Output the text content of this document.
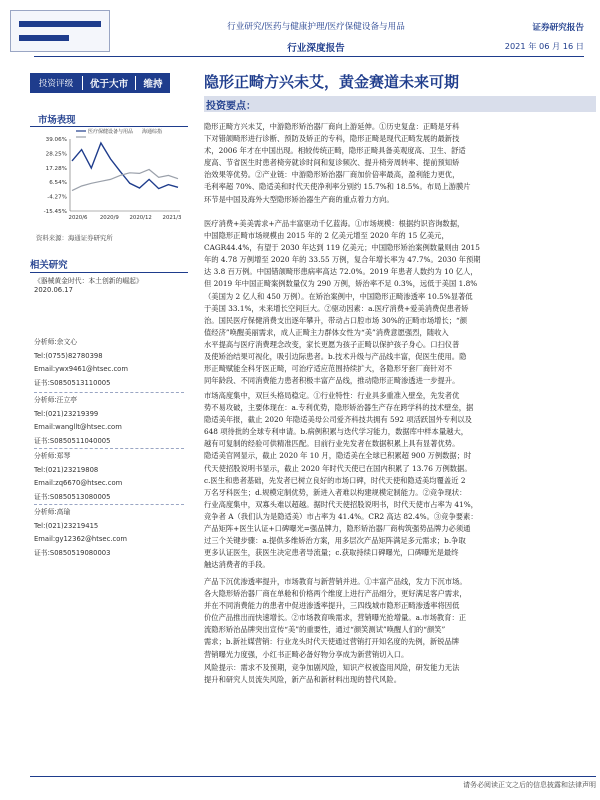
行业研究/医药与健康护理/医疗保健设备与用品
行业深度报告
证券研究报告
2021 年 06 月 16 日
投资评级	优于大市	维持	隐形正畸方兴未艾，黄金赛道未来可期
投资要点：
市场表现
39.06%
28.25%
17.28%
6.54%
-4.27%
-15.45%
2020/6 2020/9 2020/12 2021/3
医疗保健设备与用品 海通综指
资料来源：海通证券研究所
相关研究
《器械黄金时代：本土创新的崛起》
2020.06.17
分析师:余文心
Tel:(0755)82780398
Email:ywx9461@htsec.com
证书:S0850513110005
分析师:汪立亭
Tel:(021)23219399
Email:wangllt@htsec.com
证书:S0850511040005
分析师:郑琴
Tel:(021)23219808
Email:zq6670@htsec.com
证书:S0850513080005
分析师:高瑜
Tel:(021)23219415
Email:gy12362@htsec.com
证书:S0850519080003

隐形正畸方兴未艾，中游隐形矫治器厂商向上游延伸。①历史复盘：正畸是牙科

下对错颌畸形进行诊断、预防及矫正的专科，隐形正畸是现代正畸发展的最新技

术，2006 年才在中国出现。相较传统正畸，隐形正畸具备美观度高、卫生、舒适

度高、节省医生时患者椅旁就诊时间和复诊频次、提升椅旁周转率、提前预知矫

治效果等优势。②产业链：中游隐形矫治器厂商加价倍率最高，盈利能力更优，

毛利率超 70%、隐适美和时代天使净利率分别约 15.7%和 18.5%。布局上游膜片

环节是中国及海外大型隐形矫治器生产商的重点着力方向。

医疗消费+美美需求+产品丰富驱动千亿蓝海。①市场规模：根据约识咨询数据，

中国隐形正畸市场规模由 2015 年的 2 亿美元增至 2020 年的 15 亿美元，

CAGR44.4%，有望于 2030 年达到 119 亿美元；中国隐形矫治案例数量则由 2015

年的 4.78 万例增至 2020 年的 33.55 万例，复合年增长率为 47.7%。2030 年预期

达 3.8 百万例。中国错颌畸形患病率高达 72.0%。2019 年患者人数约为 10 亿人，

但 2019 年中国正畸案例数量仅为 290 万例，矫治率不足 0.3%，远低于美国 1.8%

（美国为 2 亿人和 450 万例）。在矫治案例中，中国隐形正畸渗透率 10.5%显著低

于美国 33.1%，未来增长空间巨大。②驱动因素：a.医疗消费+爱美消费促患者矫

治。国民医疗保健消费支出逐年攀升，带动占口腔市场 30%的正畸市场增长；“颜

值经济”唤醒美丽需求，成人正畸主力群体女性为“美”消费意愿强烈，随收入

水平提高与医疗消费理念改变，家长更愿为孩子正畸以保护孩子身心。口扫仪普

及使矫治结果可视化，吸引边际患者。b.技术升级与产品线丰富，促医生使用。隐

形正畸赋能全科牙医正畸，可治疗适应范围持续扩大，各隐形牙套厂商针对不

同年龄段、不同消费能力患者积极丰富产品线，推动隐形正畸渗透进一步提升。

市场高度集中，双巨头格局稳定。①行业特性：行业具多重准入壁垒，先发者优

势不易攻破，主要体现在：a.专利优势，隐形矫治器生产存在跨学科的技术壁垒，据

隐适美年报，截止 2020 年隐适美母公司爱齐科技共拥有 592 项活跃国外专利以及

648 项待批的全球专利申请。b.病例积累与迭代学习能力，数据库中样本量越大，

越有可复制的经验可供精准匹配。目前行业先发者在数据积累上具有显著优势。

隐适美官网显示，截止 2020 年 10 月，隐适美在全球已积累超 900 万例数据；时

代天使招股说明书显示，截止 2020 年时代天使已在国内积累了 13.76 万例数据。

c.医生和患者基础，先发者已树立良好的市场口碑，时代天使和隐适美均覆盖近 2

万名牙科医生；d.规模定制优势，新进入者难以构建规模定制能力。②竞争现状：

行业高度集中，双寡头难以超越。据时代天使招股说明书，时代天使市占率为 41%，

竞争者 A（我们认为是隐适美）市占率为 41.4%。CR2 高达 82.4%。③竞争要素：

产品矩阵+医生认证+口碑曝光=强品牌力，隐形矫治器厂商构筑强势品牌力必须通

过三个关键步骤：a.提供多维矫治方案，用多层次产品矩阵满足多元需求；b.争取

更多认证医生，获医生决定患者导流量；c.获取持续口碑曝光，口碑曝光是最终

触达消费者的手段。

产品下沉优渗透率提升，市场教育与新营销并进。①丰富产品线，发力下沉市场。

各大隐形矫治器厂商在单舱和价格两个维度上进行产品细分，更好满足客户需求，

并在不同消费能力的患者中促进渗透率提升，三四线城市隐形正畸渗透率将因低

价位产品推出而快速增长。②市场教育唤需求，营销曝光抢增量。a.市场教育：正

流隐形矫治品牌突出宣传“美”的重要性，通过“颜笑测试”唤醒人们的“颜笑”

需求；b.新社媒营销：行业龙头时代天使通过营销打开知名度的先例，新锐品牌

营销曝光力度强，小红书正畸必备好物分享成为新营销切入口。

风险提示：需求不及预期，竞争加剧风险，知识产权被盗用风险，研发能力无法

提升和研究人员流失风险，新产品和新材料出现的替代风险。

请务必阅读正文之后的信息披露和法律声明
